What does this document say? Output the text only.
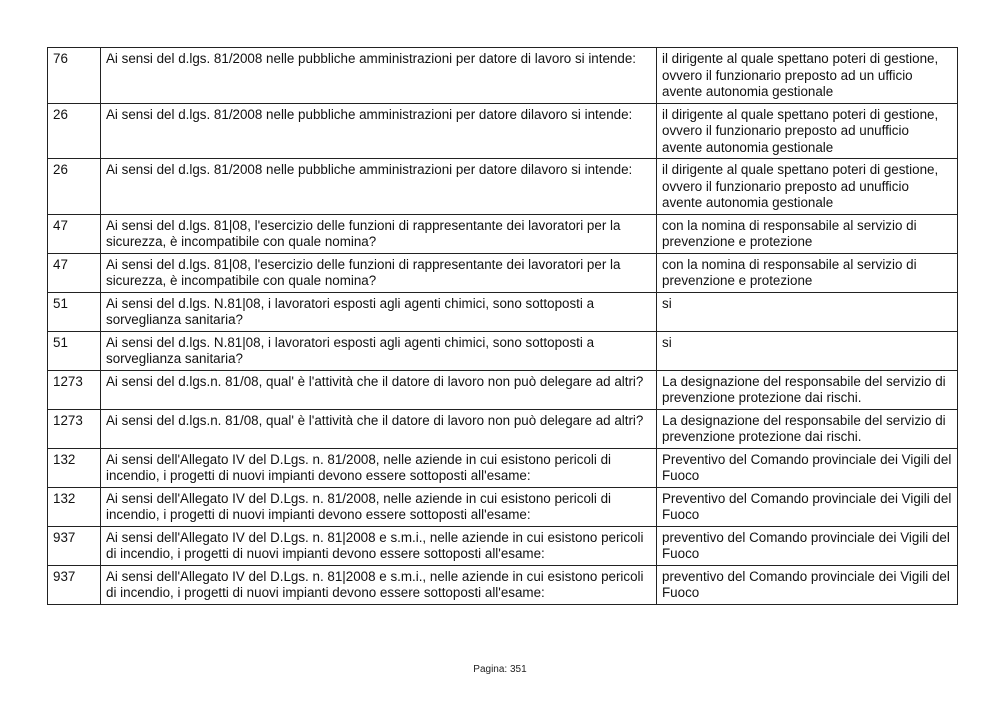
76	Ai sensi del d.lgs. 81/2008 nelle pubbliche amministrazioni per datore di lavoro si intende:	il dirigente al quale spettano poteri di gestione, ovvero il funzionario preposto ad un ufficio avente autonomia gestionale
26	Ai sensi del d.lgs. 81/2008 nelle pubbliche amministrazioni per datore dilavoro si intende:	il dirigente al quale spettano poteri di gestione, ovvero il funzionario preposto ad unufficio avente autonomia gestionale
26	Ai sensi del d.lgs. 81/2008 nelle pubbliche amministrazioni per datore dilavoro si intende:	il dirigente al quale spettano poteri di gestione, ovvero il funzionario preposto ad unufficio avente autonomia gestionale
47	Ai sensi del d.lgs. 81|08, l'esercizio delle funzioni di rappresentante dei lavoratori per la sicurezza, è incompatibile con quale nomina?	con la nomina di responsabile al servizio di prevenzione e protezione
47	Ai sensi del d.lgs. 81|08, l'esercizio delle funzioni di rappresentante dei lavoratori per la sicurezza, è incompatibile con quale nomina?	con la nomina di responsabile al servizio di prevenzione e protezione
51	Ai sensi del d.lgs. N.81|08, i lavoratori esposti agli agenti chimici, sono sottoposti a sorveglianza sanitaria?	si
51	Ai sensi del d.lgs. N.81|08, i lavoratori esposti agli agenti chimici, sono sottoposti a sorveglianza sanitaria?	si
1273	Ai sensi del d.lgs.n. 81/08, qual' è l'attività che il datore di lavoro non può delegare ad altri?	La designazione del responsabile del servizio di prevenzione protezione dai rischi.
1273	Ai sensi del d.lgs.n. 81/08, qual' è l'attività che il datore di lavoro non può delegare ad altri?	La designazione del responsabile del servizio di prevenzione protezione dai rischi.
132	Ai sensi dell'Allegato IV del D.Lgs. n. 81/2008, nelle aziende in cui esistono pericoli di incendio, i progetti di nuovi impianti devono essere sottoposti all'esame:	Preventivo del Comando provinciale dei Vigili del Fuoco
132	Ai sensi dell'Allegato IV del D.Lgs. n. 81/2008, nelle aziende in cui esistono pericoli di incendio, i progetti di nuovi impianti devono essere sottoposti all'esame:	Preventivo del Comando provinciale dei Vigili del Fuoco
937	Ai sensi dell'Allegato IV del D.Lgs. n. 81|2008 e s.m.i., nelle aziende in cui esistono pericoli di incendio, i progetti di nuovi impianti devono essere sottoposti all'esame:	preventivo del Comando provinciale dei Vigili del Fuoco
937	Ai sensi dell'Allegato IV del D.Lgs. n. 81|2008 e s.m.i., nelle aziende in cui esistono pericoli di incendio, i progetti di nuovi impianti devono essere sottoposti all'esame:	preventivo del Comando provinciale dei Vigili del Fuoco
Pagina: 351
